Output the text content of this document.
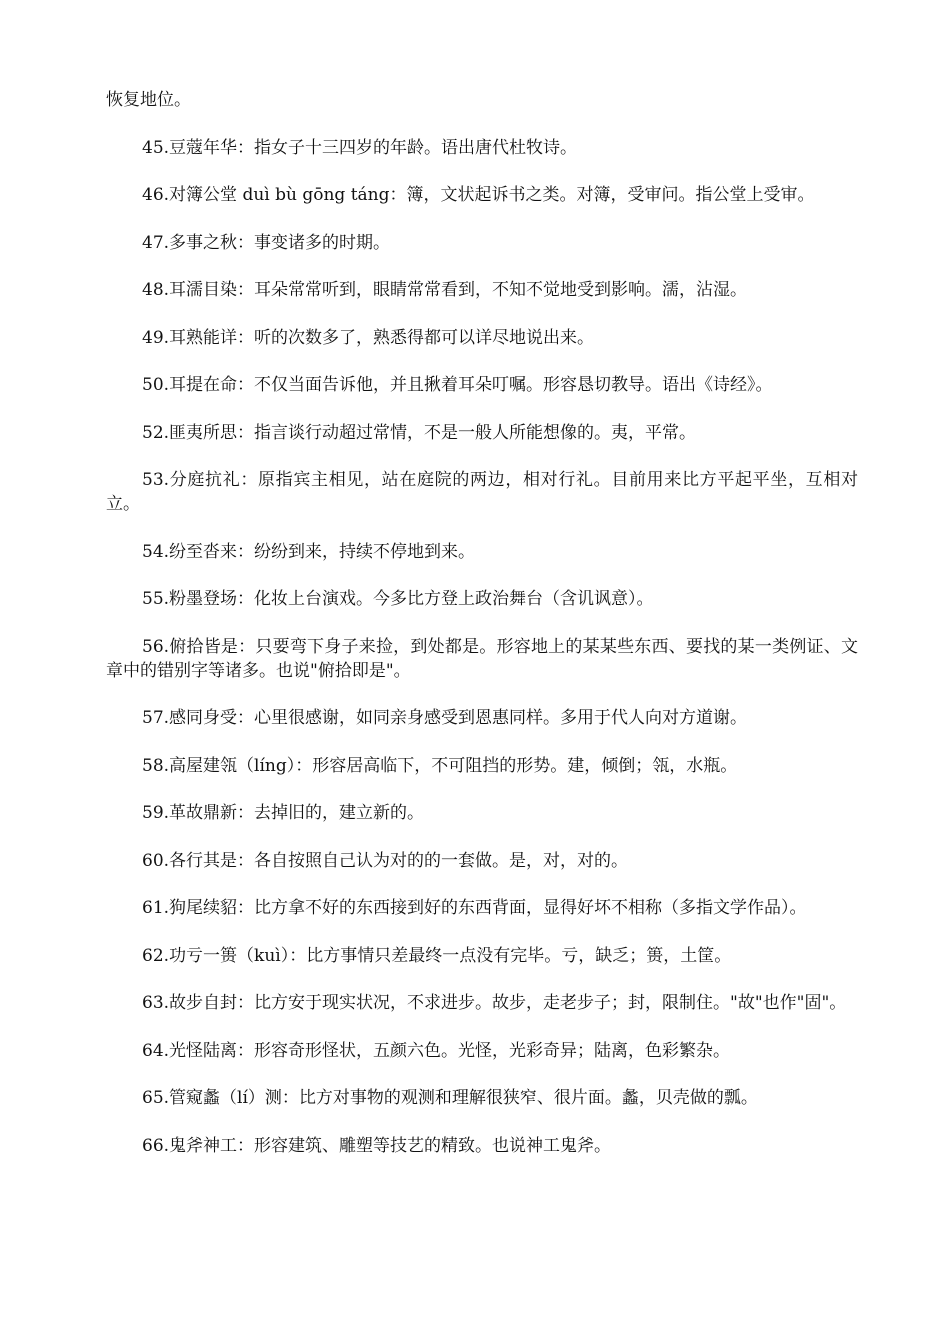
恢复地位。

45.豆蔻年华：指女子十三四岁的年龄。语出唐代杜牧诗。

46.对簿公堂 duì bù gōng táng：簿，文状起诉书之类。对簿，受审问。指公堂上受审。

47.多事之秋：事变诸多的时期。

48.耳濡目染：耳朵常常听到，眼睛常常看到，不知不觉地受到影响。濡，沾湿。

49.耳熟能详：听的次数多了，熟悉得都可以详尽地说出来。

50.耳提在命：不仅当面告诉他，并且揪着耳朵叮嘱。形容恳切教导。语出《诗经》。

52.匪夷所思：指言谈行动超过常情，不是一般人所能想像的。夷，平常。

53.分庭抗礼：原指宾主相见，站在庭院的两边，相对行礼。目前用来比方平起平坐，互相对立。

54.纷至沓来：纷纷到来，持续不停地到来。

55.粉墨登场：化妆上台演戏。今多比方登上政治舞台（含讥讽意）。

56.俯拾皆是：只要弯下身子来捡，到处都是。形容地上的某某些东西、要找的某一类例证、文章中的错别字等诸多。也说"俯拾即是"。

57.感同身受：心里很感谢，如同亲身感受到恩惠同样。多用于代人向对方道谢。

58.高屋建瓴（líng）：形容居高临下，不可阻挡的形势。建，倾倒；瓴，水瓶。

59.革故鼎新：去掉旧的，建立新的。

60.各行其是：各自按照自己认为对的的一套做。是，对，对的。

61.狗尾续貂：比方拿不好的东西接到好的东西背面，显得好坏不相称（多指文学作品）。

62.功亏一篑（kuì）：比方事情只差最终一点没有完毕。亏，缺乏；篑，土筐。

63.故步自封：比方安于现实状况，不求进步。故步，走老步子；封，限制住。"故"也作"固"。

64.光怪陆离：形容奇形怪状，五颜六色。光怪，光彩奇异；陆离，色彩繁杂。

65.管窥蠡（lí）测：比方对事物的观测和理解很狭窄、很片面。蠡，贝壳做的瓢。

66.鬼斧神工：形容建筑、雕塑等技艺的精致。也说神工鬼斧。
